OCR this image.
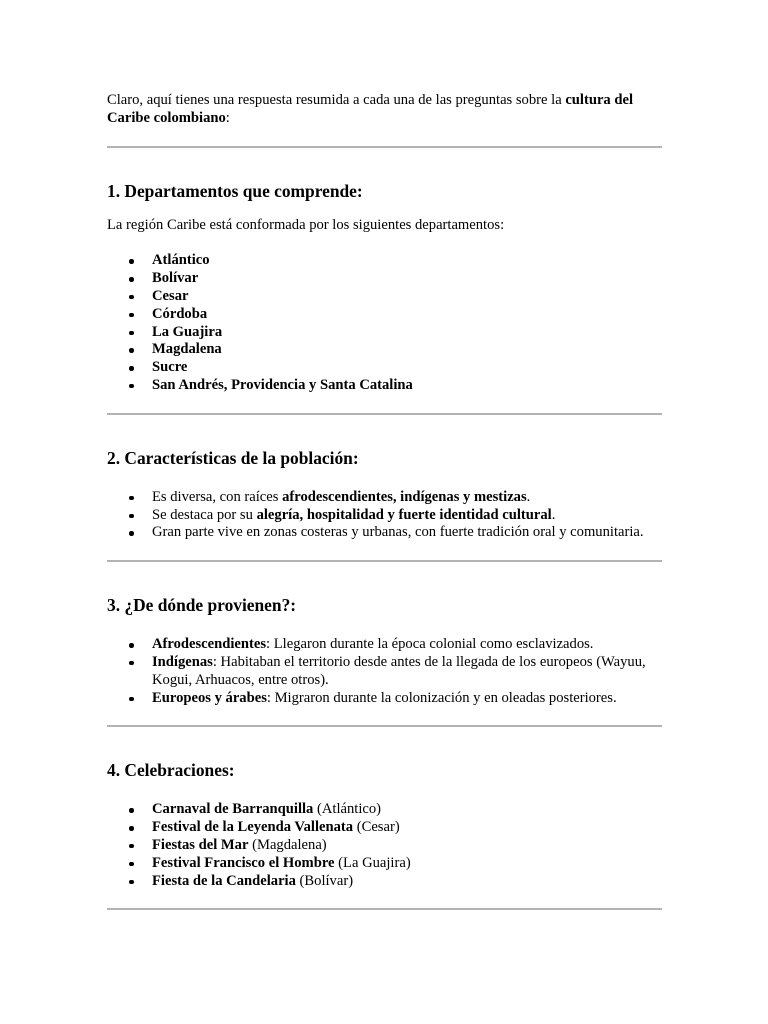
Claro, aquí tienes una respuesta resumida a cada una de las preguntas sobre la cultura del Caribe colombiano:

1. Departamentos que comprende:

La región Caribe está conformada por los siguientes departamentos:

Atlántico
Bolívar
Cesar
Córdoba
La Guajira
Magdalena
Sucre
San Andrés, Providencia y Santa Catalina
2. Características de la población:
Es diversa, con raíces afrodescendientes, indígenas y mestizas.
Se destaca por su alegría, hospitalidad y fuerte identidad cultural.
Gran parte vive en zonas costeras y urbanas, con fuerte tradición oral y comunitaria.
3. ¿De dónde provienen?:
Afrodescendientes: Llegaron durante la época colonial como esclavizados.
Indígenas: Habitaban el territorio desde antes de la llegada de los europeos (Wayuu, Kogui, Arhuacos, entre otros).
Europeos y árabes: Migraron durante la colonización y en oleadas posteriores.
4. Celebraciones:
Carnaval de Barranquilla (Atlántico)
Festival de la Leyenda Vallenata (Cesar)
Fiestas del Mar (Magdalena)
Festival Francisco el Hombre (La Guajira)
Fiesta de la Candelaria (Bolívar)
